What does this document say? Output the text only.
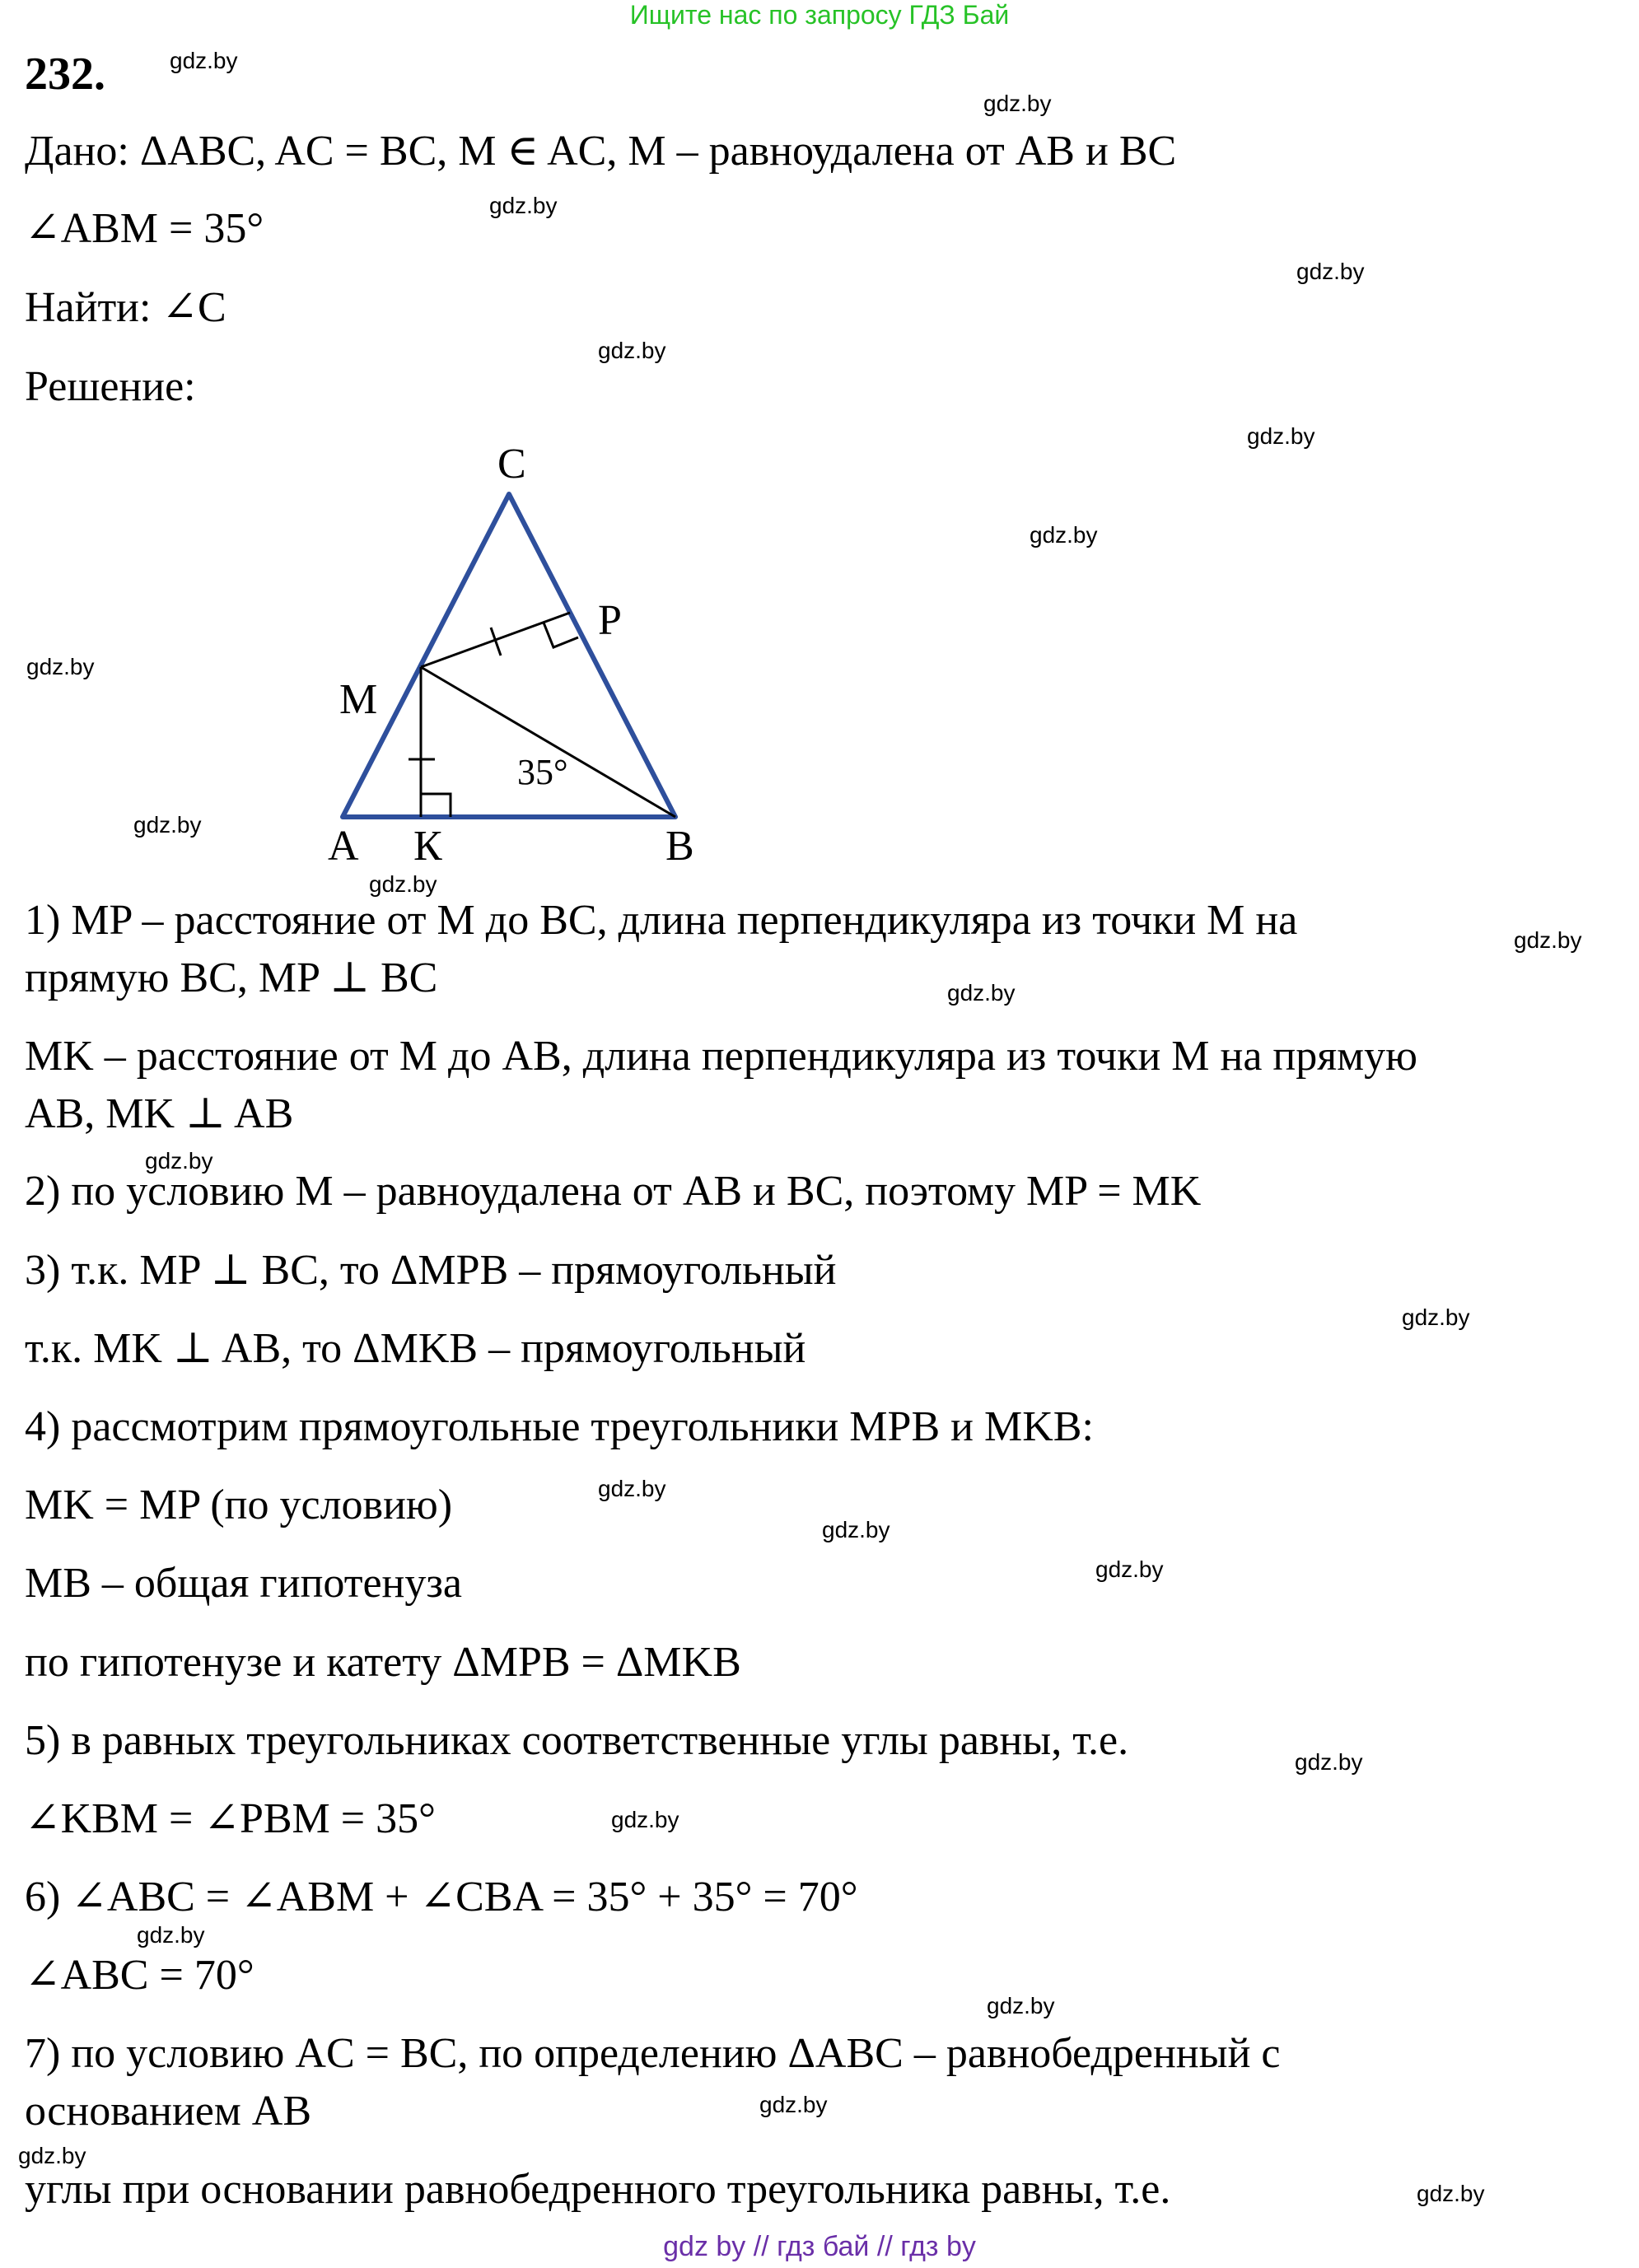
Ищите нас по запросу ГДЗ Бай
232.
Дано: ΔABC, AC = BC, M ∈ AC, M – равноудалена от AB и BC
∠ABM = 35°
Найти: ∠C
Решение:
C
P
M
A К	B
35°
1) MP – расстояние от M до BC, длина перпендикуляра из точки M на
прямую BC, MP ⊥ BC
MK – расстояние от M до AB, длина перпендикуляра из точки M на прямую
AB, MK ⊥ AB
2) по условию M – равноудалена от AB и BC, поэтому MP = MK
3) т.к. MP ⊥ BC, то ΔMPB – прямоугольный
т.к. MK ⊥ AB, то ΔMKB – прямоугольный
4) рассмотрим прямоугольные треугольники MPB и MKB:
MK = MP (по условию)
MB – общая гипотенуза
по гипотенузе и катету ΔMPB = ΔMKB
5) в равных треугольниках соответственные углы равны, т.е.
∠KBM = ∠PBM = 35°
6) ∠ABC = ∠ABM + ∠CBA = 35° + 35° = 70°
∠ABC = 70°
7) по условию AC = BC, по определению ΔABC – равнобедренный с
основанием AB
углы при основании равнобедренного треугольника равны, т.е.
gdz.by
gdz.by
gdz.by
gdz.by
gdz.by
gdz.by
gdz.by
gdz.by
gdz.by
gdz.by
gdz.by
gdz.by
gdz.by
gdz.by
gdz.by
gdz.by
gdz.by
gdz.by
gdz.by
gdz.by
gdz.by
gdz.by
gdz.by
gdz.by
gdz by // гдз бай // гдз by
